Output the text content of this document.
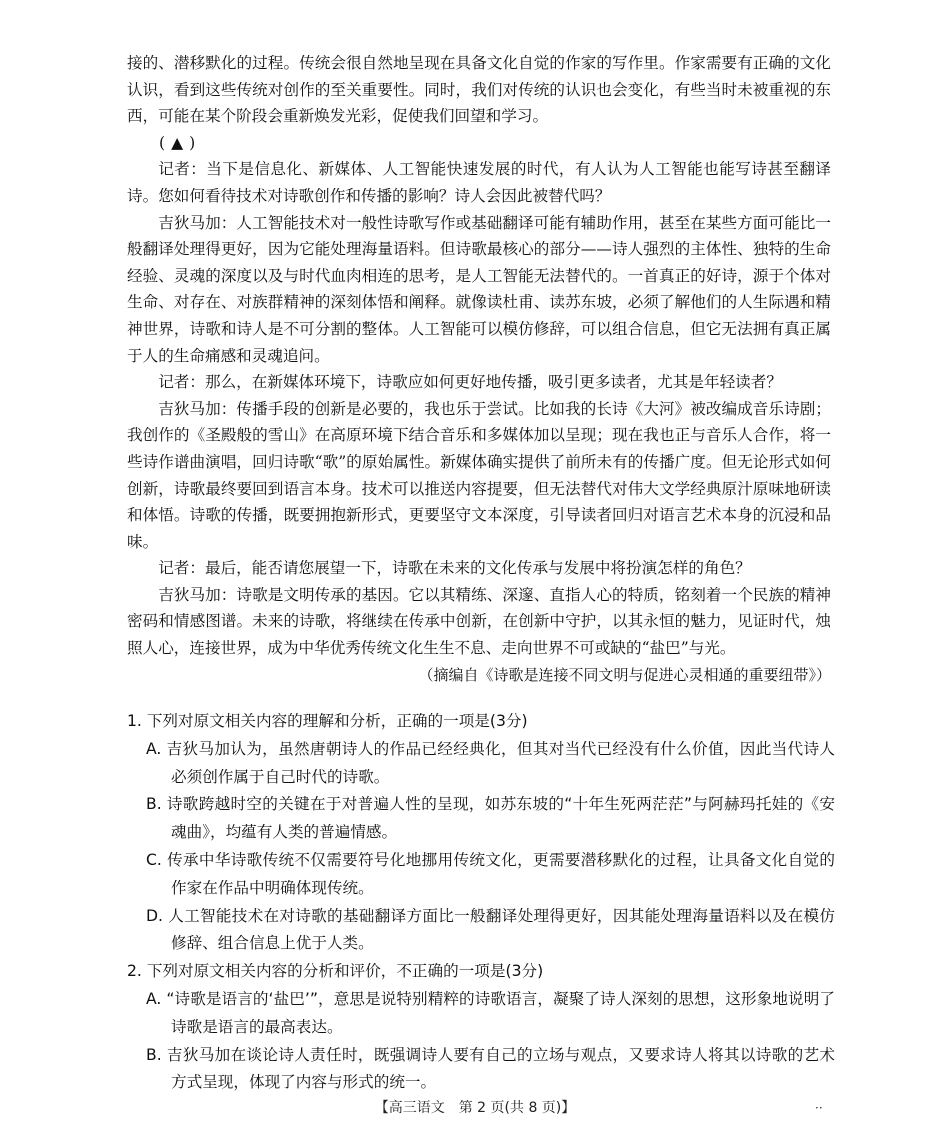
接的、潜移默化的过程。传统会很自然地呈现在具备文化自觉的作家的写作里。作家需要有正确的文化认识，看到这些传统对创作的至关重要性。同时，我们对传统的认识也会变化，有些当时未被重视的东西，可能在某个阶段会重新焕发光彩，促使我们回望和学习。

(▲)

记者：当下是信息化、新媒体、人工智能快速发展的时代，有人认为人工智能也能写诗甚至翻译诗。您如何看待技术对诗歌创作和传播的影响？诗人会因此被替代吗？

吉狄马加：人工智能技术对一般性诗歌写作或基础翻译可能有辅助作用，甚至在某些方面可能比一般翻译处理得更好，因为它能处理海量语料。但诗歌最核心的部分——诗人强烈的主体性、独特的生命经验、灵魂的深度以及与时代血肉相连的思考，是人工智能无法替代的。一首真正的好诗，源于个体对生命、对存在、对族群精神的深刻体悟和阐释。就像读杜甫、读苏东坡，必须了解他们的人生际遇和精神世界，诗歌和诗人是不可分割的整体。人工智能可以模仿修辞，可以组合信息，但它无法拥有真正属于人的生命痛感和灵魂追问。

记者：那么，在新媒体环境下，诗歌应如何更好地传播，吸引更多读者，尤其是年轻读者？

吉狄马加：传播手段的创新是必要的，我也乐于尝试。比如我的长诗《大河》被改编成音乐诗剧；我创作的《圣殿般的雪山》在高原环境下结合音乐和多媒体加以呈现；现在我也正与音乐人合作，将一些诗作谱曲演唱，回归诗歌“歌”的原始属性。新媒体确实提供了前所未有的传播广度。但无论形式如何创新，诗歌最终要回到语言本身。技术可以推送内容提要，但无法替代对伟大文学经典原汁原味地研读和体悟。诗歌的传播，既要拥抱新形式，更要坚守文本深度，引导读者回归对语言艺术本身的沉浸和品味。

记者：最后，能否请您展望一下，诗歌在未来的文化传承与发展中将扮演怎样的角色？

吉狄马加：诗歌是文明传承的基因。它以其精练、深邃、直指人心的特质，铭刻着一个民族的精神密码和情感图谱。未来的诗歌，将继续在传承中创新，在创新中守护，以其永恒的魅力，见证时代，烛照人心，连接世界，成为中华优秀传统文化生生不息、走向世界不可或缺的“盐巴”与光。

（摘编自《诗歌是连接不同文明与促进心灵相通的重要纽带》）

1. 下列对原文相关内容的理解和分析，正确的一项是(3分)

A. 吉狄马加认为，虽然唐朝诗人的作品已经经典化，但其对当代已经没有什么价值，因此当代诗人必须创作属于自己时代的诗歌。

B. 诗歌跨越时空的关键在于对普遍人性的呈现，如苏东坡的“十年生死两茫茫”与阿赫玛托娃的《安魂曲》，均蕴有人类的普遍情感。

C. 传承中华诗歌传统不仅需要符号化地挪用传统文化，更需要潜移默化的过程，让具备文化自觉的作家在作品中明确体现传统。

D. 人工智能技术在对诗歌的基础翻译方面比一般翻译处理得更好，因其能处理海量语料以及在模仿修辞、组合信息上优于人类。

2. 下列对原文相关内容的分析和评价，不正确的一项是(3分)

A. “诗歌是语言的‘盐巴’”，意思是说特别精粹的诗歌语言，凝聚了诗人深刻的思想，这形象地说明了诗歌是语言的最高表达。

B. 吉狄马加在谈论诗人责任时，既强调诗人要有自己的立场与观点，又要求诗人将其以诗歌的艺术方式呈现，体现了内容与形式的统一。

【高三语文　第 2 页(共 8 页)】	··
